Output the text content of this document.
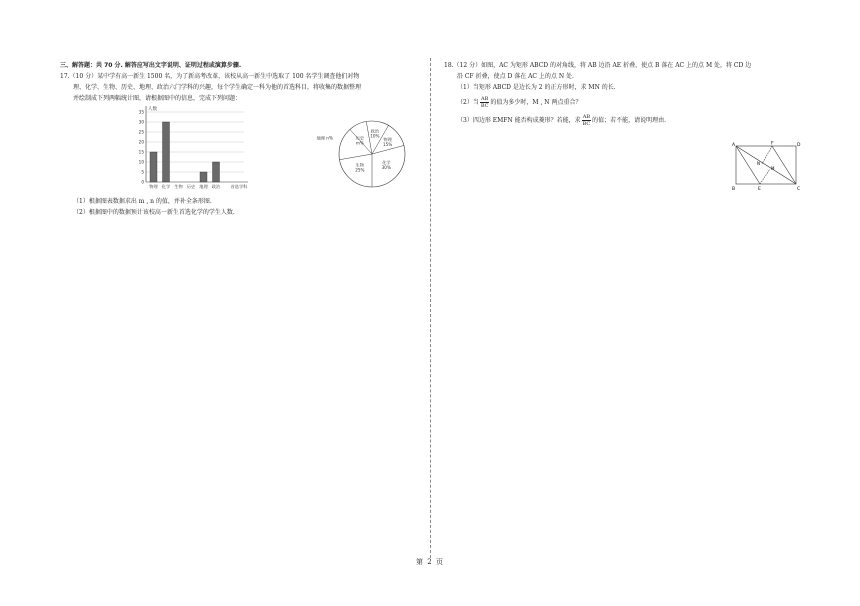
三、解答题：共 70 分. 解答应写出文字说明、证明过程或演算步骤.
17.（10 分）某中学有高一新生 1500 名，为了新高考改革，该校从高一新生中选取了 100 名学生调查他们对物
理、化学、生物、历史、地理、政治六门学科的兴趣，每个学生确定一科为他的首选科目，将收集的数据整理
并绘制成下列两幅统计图，请根据图中的信息，完成下列问题：
0
5
10
15
20
25
30
35 人数
物理 化学 生物 历史 地理 政治 首选学科
历史
m%
政治
10%
物理
15%
化学
30%
生物
25%
地理 n%
（1）根据图表数据求出 m , n 的值，并补全条形图.
（2）根据图中的数据预计该校高一新生首选化学的学生人数.
18.（12 分）如图，AC 为矩形 ABCD 的对角线，将 AB 边沿 AE 折叠，使点 B 落在 AC 上的点 M 处，将 CD 边
沿 CF 折叠，使点 D 落在 AC 上的点 N 处.
（1）当矩形 ABCD 是边长为 2 的正方形时，求 MN 的长.
（2）当 $\frac{AB}{BC}$ 的值为多少时，M , N 两点重合？
（3）四边形 EMFN 能否构成菱形？若能，求 $\frac{AB}{BC}$ 的值；若不能，请说明理由.
A
B	C
D
E
F
M
N
第 2 页
